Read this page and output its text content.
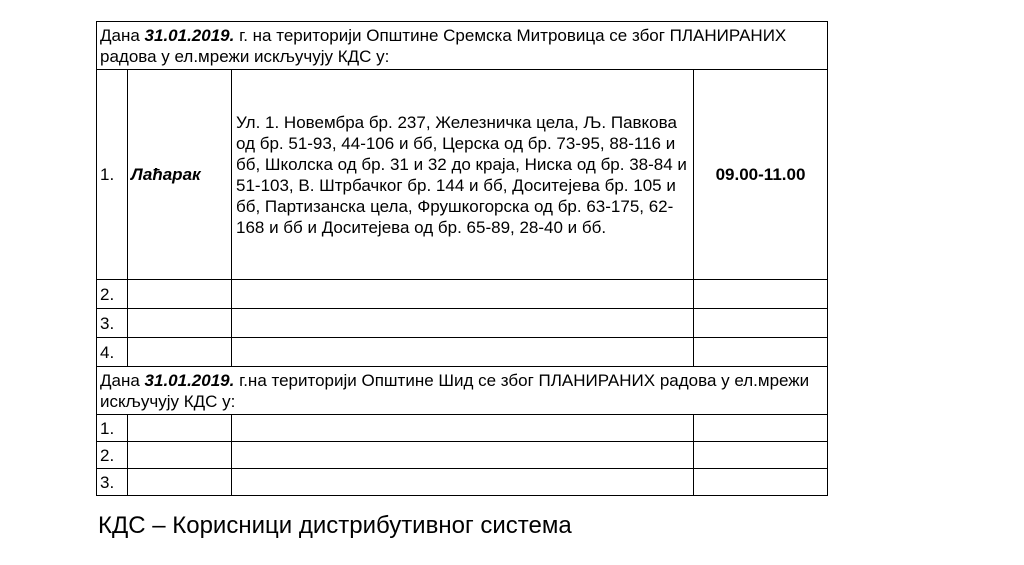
Дана 31.01.2019. г. на територији Општине Сремска Митровица се због ПЛАНИРАНИХ радова у ел.мрежи искључују КДС у:			
1.	Лаћарак	Ул. 1. Новембра бр. 237, Железничка цела, Љ. Павкова од бр. 51-93, 44-106 и бб, Церска од бр. 73-95, 88-116 и бб, Школска од бр. 31 и 32 до краја, Ниска од бр. 38-84 и 51-103, В. Штрбачког бр. 144 и бб, Доситејева бр. 105 и бб, Партизанска цела, Фрушкогорска од бр. 63-175, 62-168 и бб и Доситејева од бр. 65-89, 28-40 и бб.	09.00-11.00
2.			
3.			
4.			
Дана 31.01.2019. г.на територији Општине Шид се због ПЛАНИРАНИХ радова у ел.мрежи искључују КДС у:			
1.			
2.			
3.			
КДС – Корисници дистрибутивног система
